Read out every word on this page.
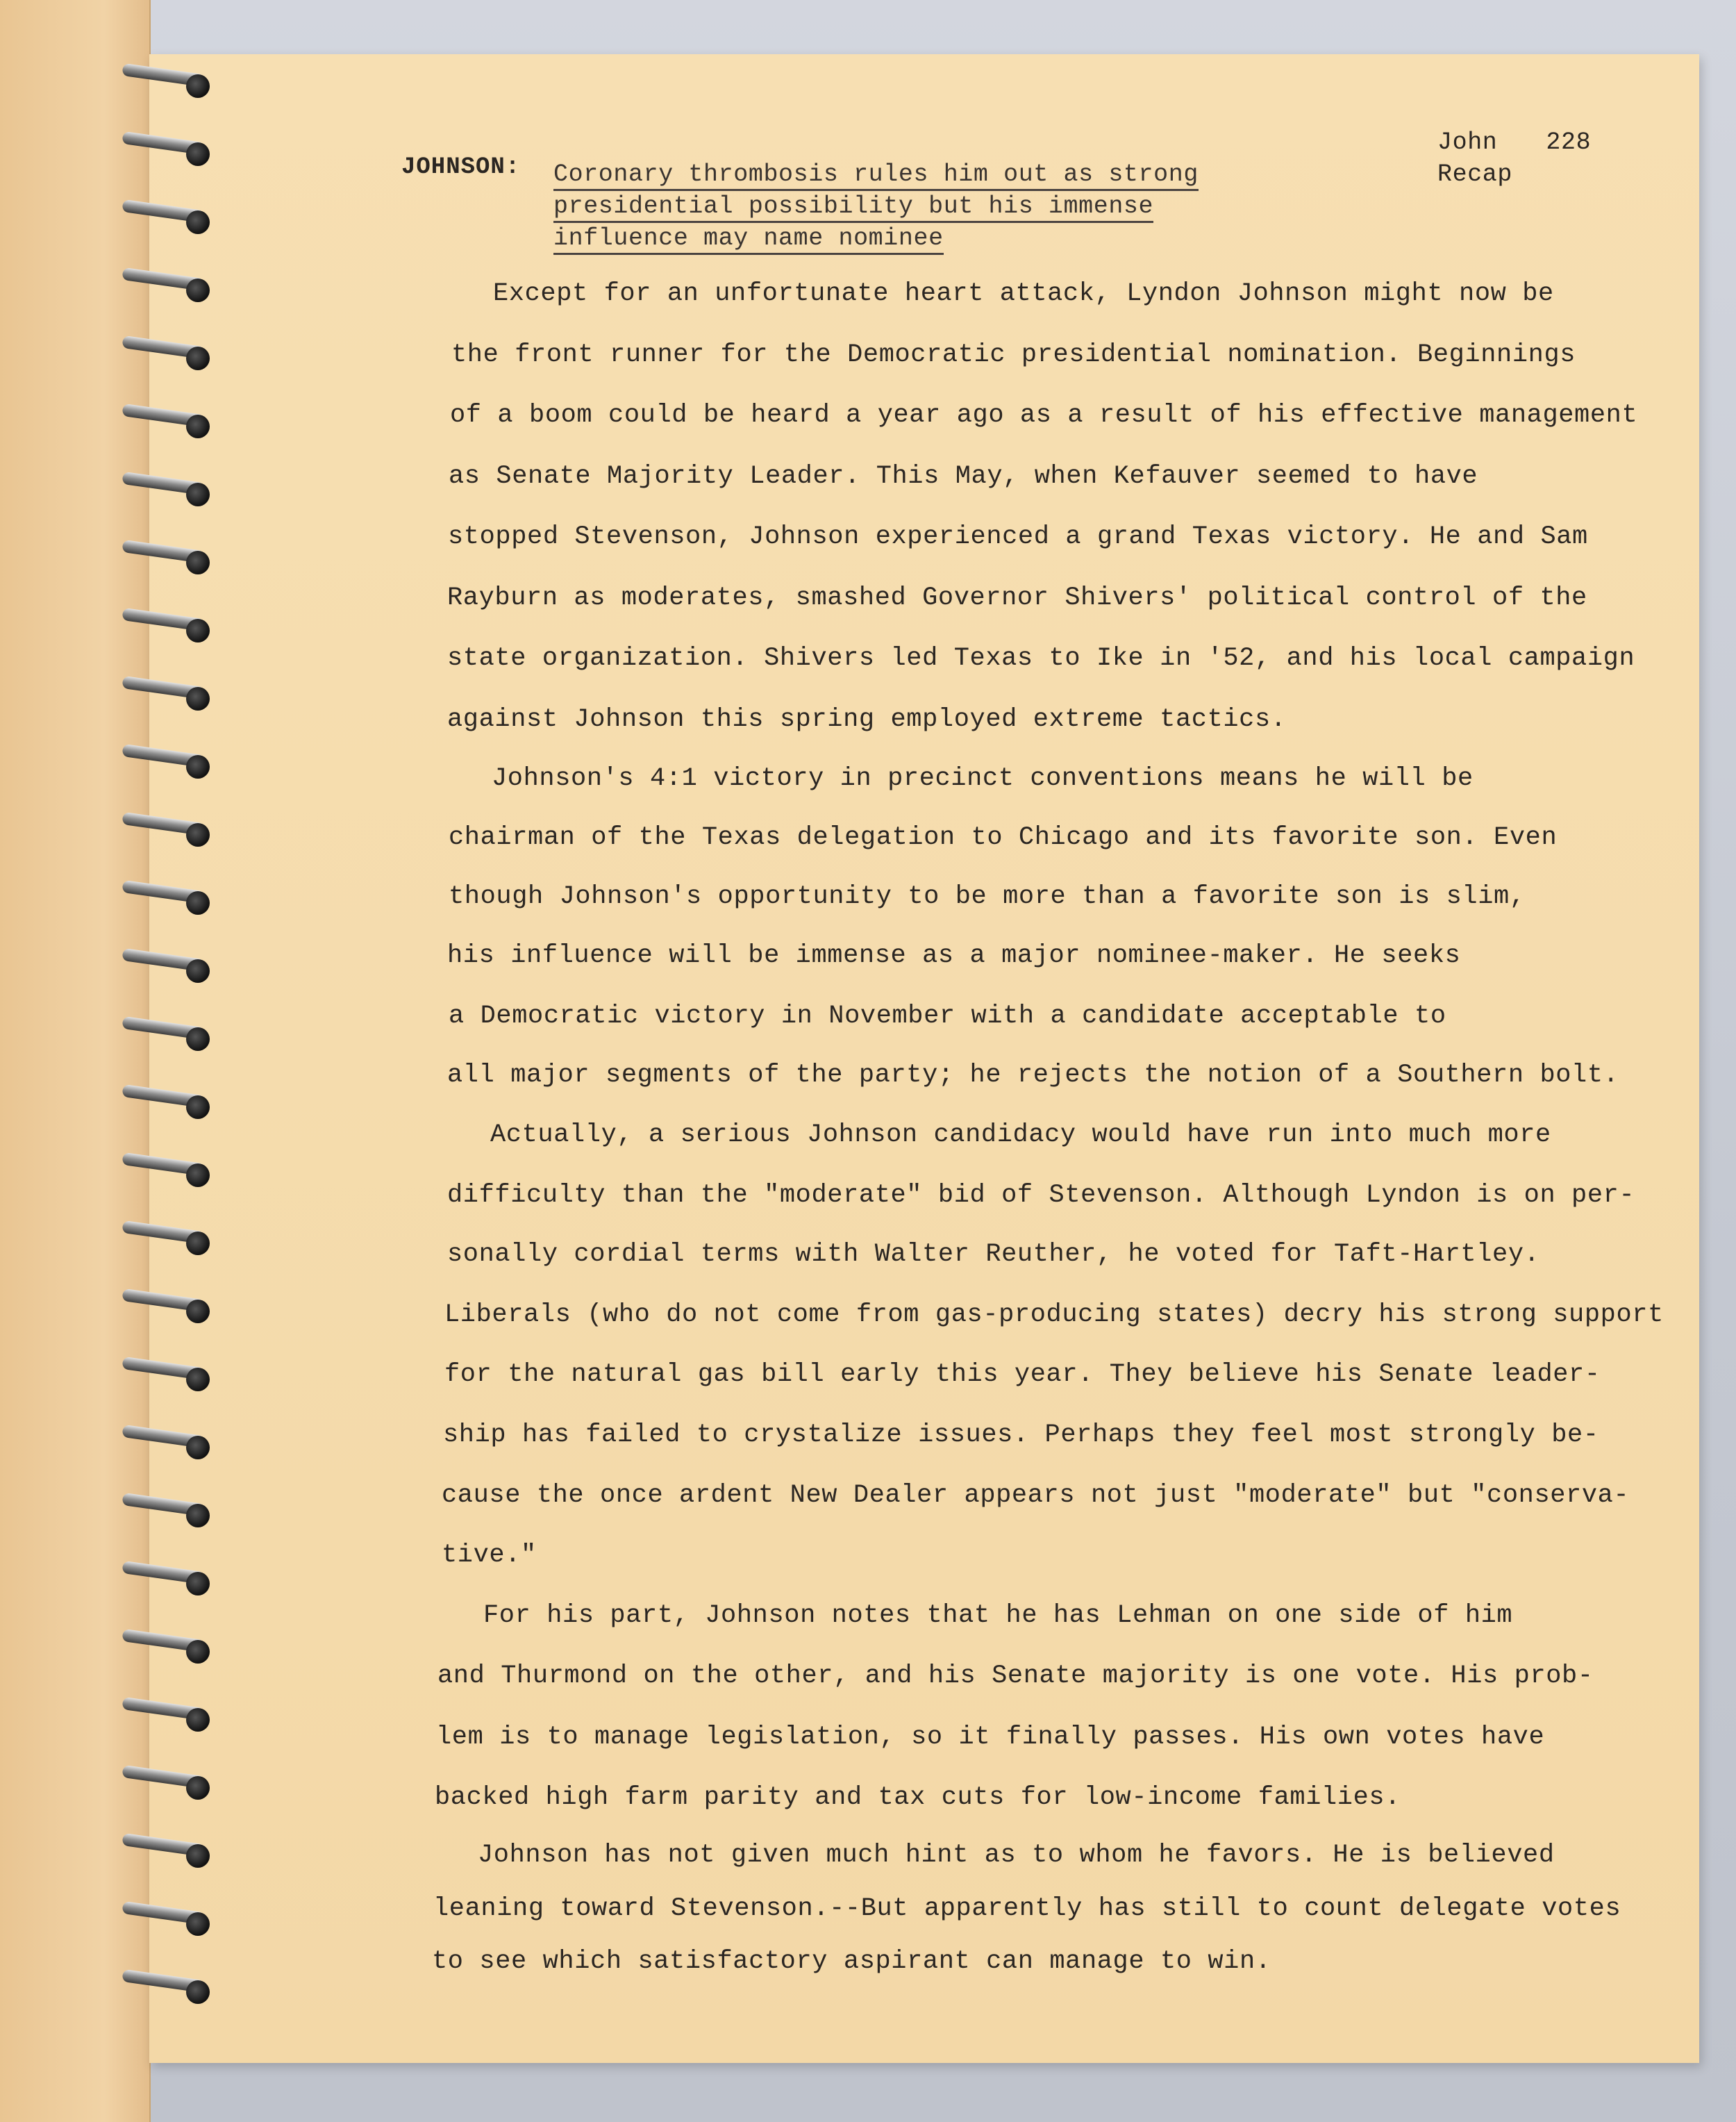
JOHNSON: Coronary thrombosis rules him out as strong
presidential possibility but his immense
influence may name nominee
John 228
Recap
Except for an unfortunate heart attack, Lyndon Johnson might now be
the front runner for the Democratic presidential nomination. Beginnings
of a boom could be heard a year ago as a result of his effective management
as Senate Majority Leader. This May, when Kefauver seemed to have
stopped Stevenson, Johnson experienced a grand Texas victory. He and Sam
Rayburn as moderates, smashed Governor Shivers' political control of the
state organization. Shivers led Texas to Ike in '52, and his local campaign
against Johnson this spring employed extreme tactics.
Johnson's 4:1 victory in precinct conventions means he will be
chairman of the Texas delegation to Chicago and its favorite son. Even
though Johnson's opportunity to be more than a favorite son is slim,
his influence will be immense as a major nominee-maker. He seeks
a Democratic victory in November with a candidate acceptable to
all major segments of the party; he rejects the notion of a Southern bolt.
Actually, a serious Johnson candidacy would have run into much more
difficulty than the "moderate" bid of Stevenson. Although Lyndon is on per-
sonally cordial terms with Walter Reuther, he voted for Taft-Hartley.
Liberals (who do not come from gas-producing states) decry his strong support
for the natural gas bill early this year. They believe his Senate leader-
ship has failed to crystalize issues. Perhaps they feel most strongly be-
cause the once ardent New Dealer appears not just "moderate" but "conserva-
tive."
For his part, Johnson notes that he has Lehman on one side of him
and Thurmond on the other, and his Senate majority is one vote. His prob-
lem is to manage legislation, so it finally passes. His own votes have
backed high farm parity and tax cuts for low-income families.
Johnson has not given much hint as to whom he favors. He is believed
leaning toward Stevenson.--But apparently has still to count delegate votes
to see which satisfactory aspirant can manage to win.
